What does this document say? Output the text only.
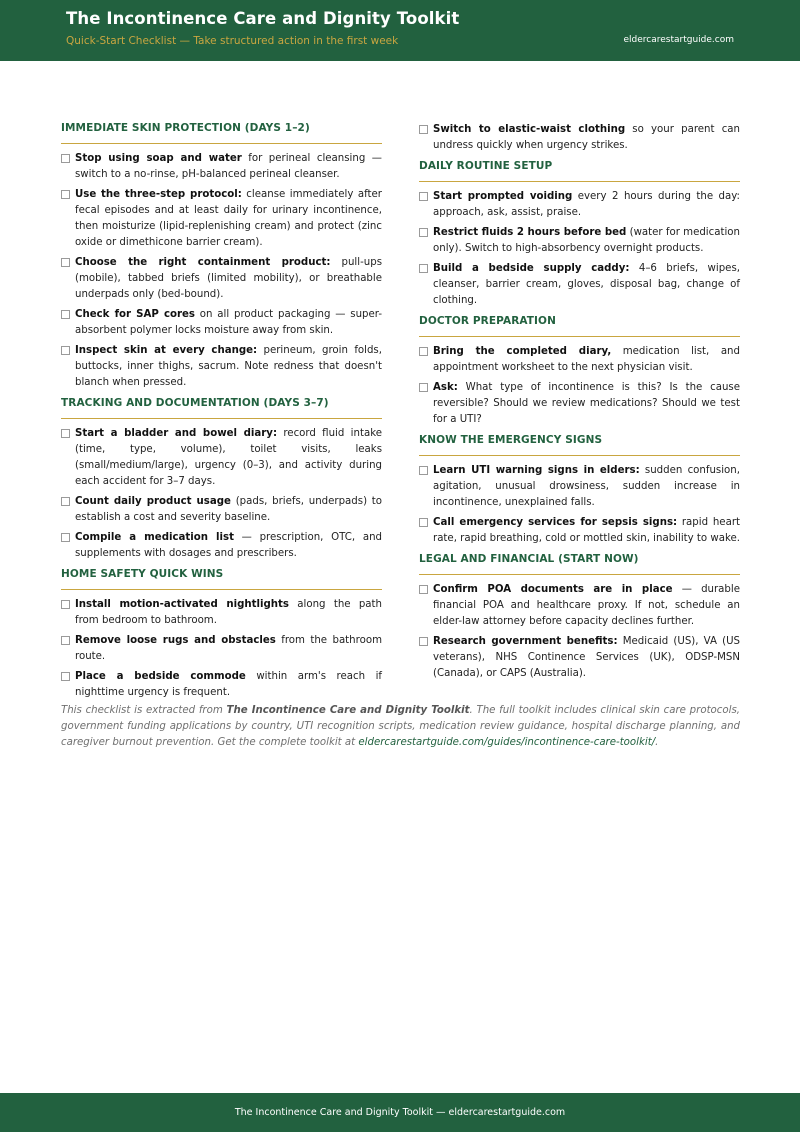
The Incontinence Care and Dignity Toolkit
Quick-Start Checklist — Take structured action in the first week	eldercarestartguide.com
IMMEDIATE SKIN PROTECTION (DAYS 1–2)
Stop using soap and water for perineal cleansing — switch to a no-rinse, pH-balanced perineal cleanser.
Use the three-step protocol: cleanse immediately after fecal episodes and at least daily for urinary incontinence, then moisturize (lipid-replenishing cream) and protect (zinc oxide or dimethicone barrier cream).
Choose the right containment product: pull-ups (mobile), tabbed briefs (limited mobility), or breathable underpads only (bed-bound).
Check for SAP cores on all product packaging — super-absorbent polymer locks moisture away from skin.
Inspect skin at every change: perineum, groin folds, buttocks, inner thighs, sacrum. Note redness that doesn't blanch when pressed.
TRACKING AND DOCUMENTATION (DAYS 3–7)
Start a bladder and bowel diary: record fluid intake (time, type, volume), toilet visits, leaks (small/medium/large), urgency (0–3), and activity during each accident for 3–7 days.
Count daily product usage (pads, briefs, underpads) to establish a cost and severity baseline.
Compile a medication list — prescription, OTC, and supplements with dosages and prescribers.
HOME SAFETY QUICK WINS
Install motion-activated nightlights along the path from bedroom to bathroom.
Remove loose rugs and obstacles from the bathroom route.
Place a bedside commode within arm's reach if nighttime urgency is frequent.
Switch to elastic-waist clothing so your parent can undress quickly when urgency strikes.
DAILY ROUTINE SETUP
Start prompted voiding every 2 hours during the day: approach, ask, assist, praise.
Restrict fluids 2 hours before bed (water for medication only). Switch to high-absorbency overnight products.
Build a bedside supply caddy: 4–6 briefs, wipes, cleanser, barrier cream, gloves, disposal bag, change of clothing.
DOCTOR PREPARATION
Bring the completed diary, medication list, and appointment worksheet to the next physician visit.
Ask: What type of incontinence is this? Is the cause reversible? Should we review medications? Should we test for a UTI?
KNOW THE EMERGENCY SIGNS
Learn UTI warning signs in elders: sudden confusion, agitation, unusual drowsiness, sudden increase in incontinence, unexplained falls.
Call emergency services for sepsis signs: rapid heart rate, rapid breathing, cold or mottled skin, inability to wake.
LEGAL AND FINANCIAL (START NOW)
Confirm POA documents are in place — durable financial POA and healthcare proxy. If not, schedule an elder-law attorney before capacity declines further.
Research government benefits: Medicaid (US), VA (US veterans), NHS Continence Services (UK), ODSP-MSN (Canada), or CAPS (Australia).
This checklist is extracted from The Incontinence Care and Dignity Toolkit. The full toolkit includes clinical skin care protocols, government funding applications by country, UTI recognition scripts, medication review guidance, hospital discharge planning, and caregiver burnout prevention. Get the complete toolkit at eldercarestartguide.com/guides/incontinence-care-toolkit/.
The Incontinence Care and Dignity Toolkit — eldercarestartguide.com
